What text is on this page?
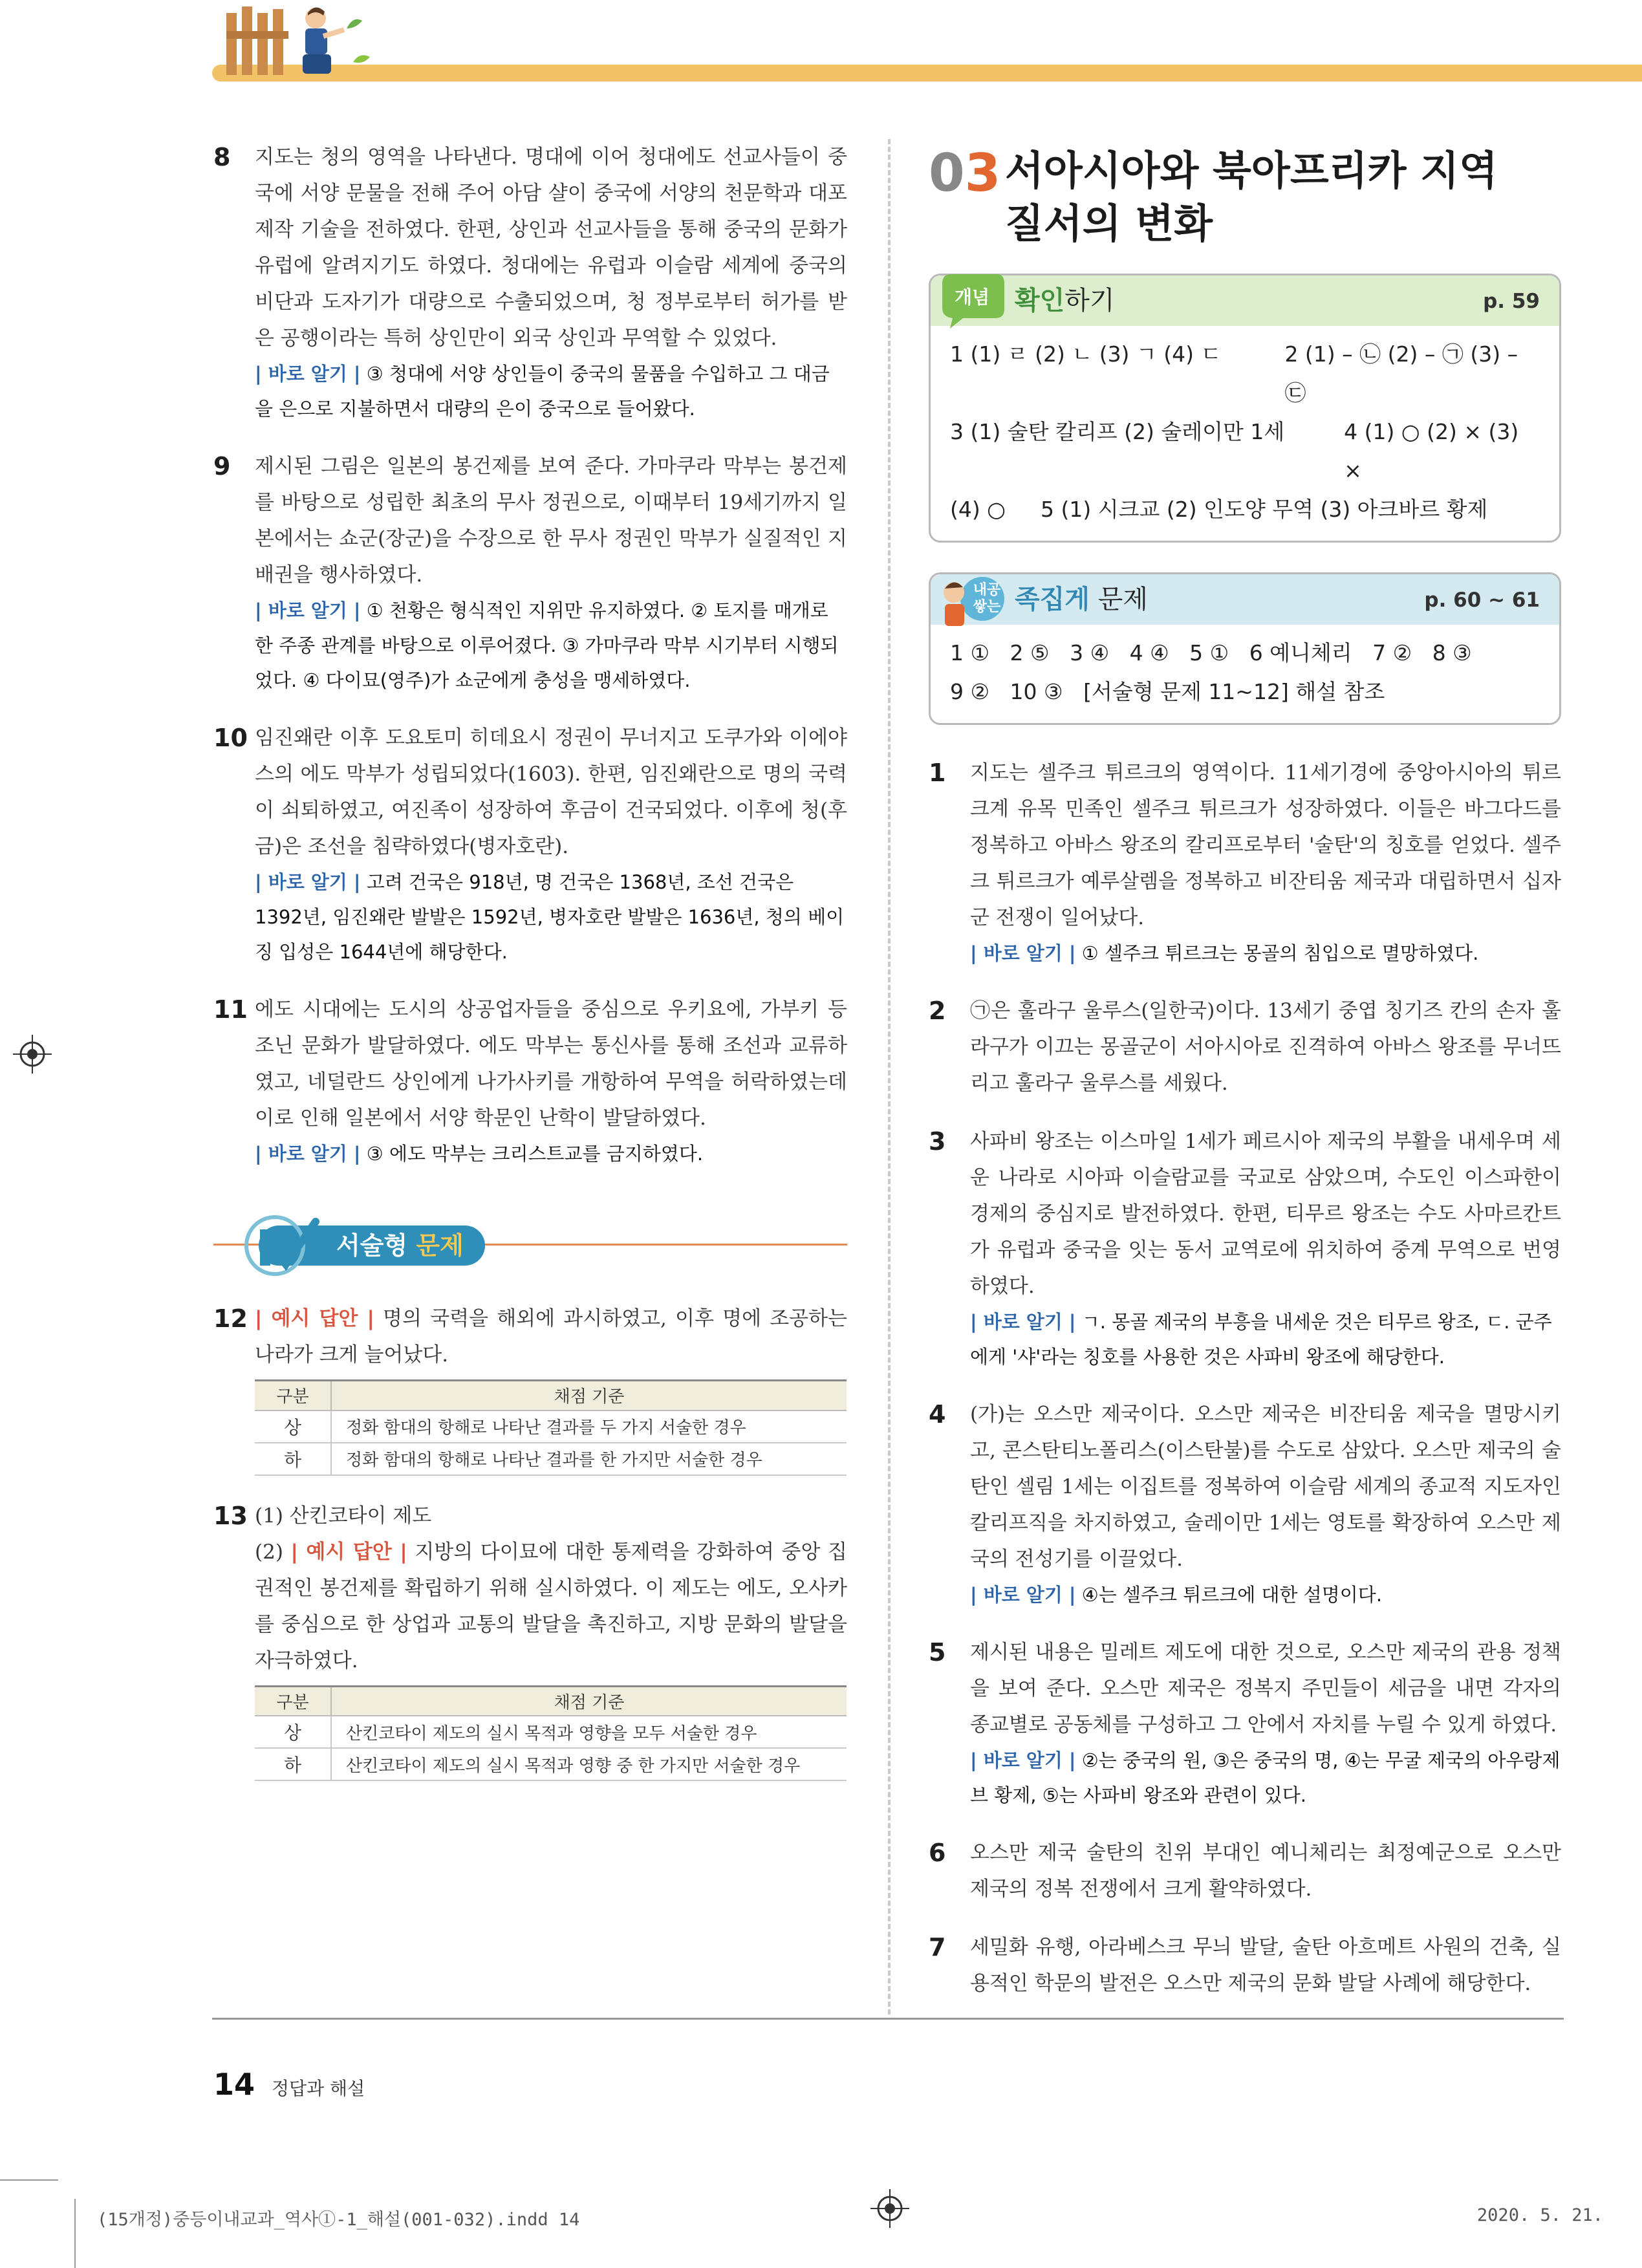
8 지도는 청의 영역을 나타낸다. 명대에 이어 청대에도 선교사들이 중국에 서양 문물을 전해 주어 아담 샬이 중국에 서양의 천문학과 대포 제작 기술을 전하였다. 한편, 상인과 선교사들을 통해 중국의 문화가 유럽에 알려지기도 하였다. 청대에는 유럽과 이슬람 세계에 중국의 비단과 도자기가 대량으로 수출되었으며, 청 정부로부터 허가를 받은 공행이라는 특허 상인만이 외국 상인과 무역할 수 있었다.
| 바로 알기 | ③ 청대에 서양 상인들이 중국의 물품을 수입하고 그 대금을 은으로 지불하면서 대량의 은이 중국으로 들어왔다.
9 제시된 그림은 일본의 봉건제를 보여 준다. 가마쿠라 막부는 봉건제를 바탕으로 성립한 최초의 무사 정권으로, 이때부터 19세기까지 일본에서는 쇼군(장군)을 수장으로 한 무사 정권인 막부가 실질적인 지배권을 행사하였다.
| 바로 알기 | ① 천황은 형식적인 지위만 유지하였다. ② 토지를 매개로 한 주종 관계를 바탕으로 이루어졌다. ③ 가마쿠라 막부 시기부터 시행되었다. ④ 다이묘(영주)가 쇼군에게 충성을 맹세하였다.
10 임진왜란 이후 도요토미 히데요시 정권이 무너지고 도쿠가와 이에야스의 에도 막부가 성립되었다(1603). 한편, 임진왜란으로 명의 국력이 쇠퇴하였고, 여진족이 성장하여 후금이 건국되었다. 이후에 청(후금)은 조선을 침략하였다(병자호란).
| 바로 알기 | 고려 건국은 918년, 명 건국은 1368년, 조선 건국은 1392년, 임진왜란 발발은 1592년, 병자호란 발발은 1636년, 청의 베이징 입성은 1644년에 해당한다.
11 에도 시대에는 도시의 상공업자들을 중심으로 우키요에, 가부키 등 조닌 문화가 발달하였다. 에도 막부는 통신사를 통해 조선과 교류하였고, 네덜란드 상인에게 나가사키를 개항하여 무역을 허락하였는데 이로 인해 일본에서 서양 학문인 난학이 발달하였다.
| 바로 알기 | ③ 에도 막부는 크리스트교를 금지하였다.
서술형 문제
12 | 예시 답안 | 명의 국력을 해외에 과시하였고, 이후 명에 조공하는 나라가 크게 늘어났다.
구분	채점 기준
상	정화 함대의 항해로 나타난 결과를 두 가지 서술한 경우
하	정화 함대의 항해로 나타난 결과를 한 가지만 서술한 경우
13 (1) 산킨코타이 제도
(2) | 예시 답안 | 지방의 다이묘에 대한 통제력을 강화하여 중앙 집권적인 봉건제를 확립하기 위해 실시하였다. 이 제도는 에도, 오사카를 중심으로 한 상업과 교통의 발달을 촉진하고, 지방 문화의 발달을 자극하였다.
구분	채점 기준
상	산킨코타이 제도의 실시 목적과 영향을 모두 서술한 경우
하	산킨코타이 제도의 실시 목적과 영향 중 한 가지만 서술한 경우
03 서아시아와 북아프리카 지역
질서의 변화
개념 확인하기	p. 59
1 (1) ㄹ (2) ㄴ (3) ㄱ (4) ㄷ	2 (1) – ㉡ (2) – ㉠ (3) – ㉢
3 (1) 술탄 칼리프 (2) 술레이만 1세	4 (1) ○ (2) × (3) ×
(4) ○	5 (1) 시크교 (2) 인도양 무역 (3) 아크바르 황제
내공 쌓는 족집게 문제	p. 60 ~ 61
1 ①   2 ⑤   3 ④   4 ④   5 ①   6 예니체리   7 ②   8 ③
9 ②   10 ③   [서술형 문제 11~12] 해설 참조
1 지도는 셀주크 튀르크의 영역이다. 11세기경에 중앙아시아의 튀르크계 유목 민족인 셀주크 튀르크가 성장하였다. 이들은 바그다드를 정복하고 아바스 왕조의 칼리프로부터 '술탄'의 칭호를 얻었다. 셀주크 튀르크가 예루살렘을 정복하고 비잔티움 제국과 대립하면서 십자군 전쟁이 일어났다.
| 바로 알기 | ① 셀주크 튀르크는 몽골의 침입으로 멸망하였다.
2 ㉠은 훌라구 울루스(일한국)이다. 13세기 중엽 칭기즈 칸의 손자 훌라구가 이끄는 몽골군이 서아시아로 진격하여 아바스 왕조를 무너뜨리고 훌라구 울루스를 세웠다.
3 사파비 왕조는 이스마일 1세가 페르시아 제국의 부활을 내세우며 세운 나라로 시아파 이슬람교를 국교로 삼았으며, 수도인 이스파한이 경제의 중심지로 발전하였다. 한편, 티무르 왕조는 수도 사마르칸트가 유럽과 중국을 잇는 동서 교역로에 위치하여 중계 무역으로 번영하였다.
| 바로 알기 | ㄱ. 몽골 제국의 부흥을 내세운 것은 티무르 왕조, ㄷ. 군주에게 '샤'라는 칭호를 사용한 것은 사파비 왕조에 해당한다.
4 (가)는 오스만 제국이다. 오스만 제국은 비잔티움 제국을 멸망시키고, 콘스탄티노폴리스(이스탄불)를 수도로 삼았다. 오스만 제국의 술탄인 셀림 1세는 이집트를 정복하여 이슬람 세계의 종교적 지도자인 칼리프직을 차지하였고, 술레이만 1세는 영토를 확장하여 오스만 제국의 전성기를 이끌었다.
| 바로 알기 | ④는 셀주크 튀르크에 대한 설명이다.
5 제시된 내용은 밀레트 제도에 대한 것으로, 오스만 제국의 관용 정책을 보여 준다. 오스만 제국은 정복지 주민들이 세금을 내면 각자의 종교별로 공동체를 구성하고 그 안에서 자치를 누릴 수 있게 하였다.
| 바로 알기 | ②는 중국의 원, ③은 중국의 명, ④는 무굴 제국의 아우랑제브 황제, ⑤는 사파비 왕조와 관련이 있다.
6 오스만 제국 술탄의 친위 부대인 예니체리는 최정예군으로 오스만 제국의 정복 전쟁에서 크게 활약하였다.
7 세밀화 유행, 아라베스크 무늬 발달, 술탄 아흐메트 사원의 건축, 실용적인 학문의 발전은 오스만 제국의 문화 발달 사례에 해당한다.
14 정답과 해설
(15개정)중등이내교과_역사①-1_해설(001-032).indd 14	2020. 5. 21.
